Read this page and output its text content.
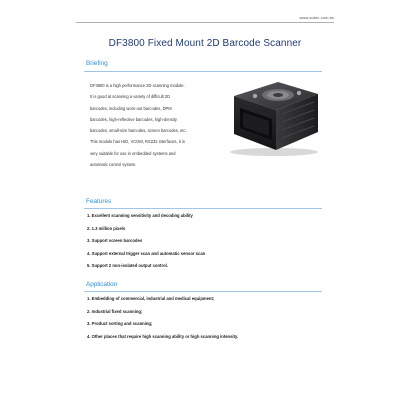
www.sotec.com.tw
DF3800 Fixed Mount 2D Barcode Scanner
Briefing
DF3800 is a high performance 2D scanning module.
It is good at scanning a variety of difficult 2D
barcodes, including worn-out barcodes, DPM
barcodes, high-reflective barcodes, high-density
barcodes, small-size barcodes, screen barcodes, etc.
This module has HID, VCOM, RS232 interfaces, it is
very suitable for use in embedded systems and
automatic control system.
Features
1. Excellent scanning sensitivity and decoding ability
2. 1.3 million pixels
3. Support screen barcodes
4. Support external trigger scan and automatic sensor scan
5. Support 2 non-isolated output control.
Application
1. Embedding of commercial, industrial and medical equipment;
2. Industrial fixed scanning;
3. Product sorting and scanning;
4. Other places that require high scanning ability or high scanning intensity.
